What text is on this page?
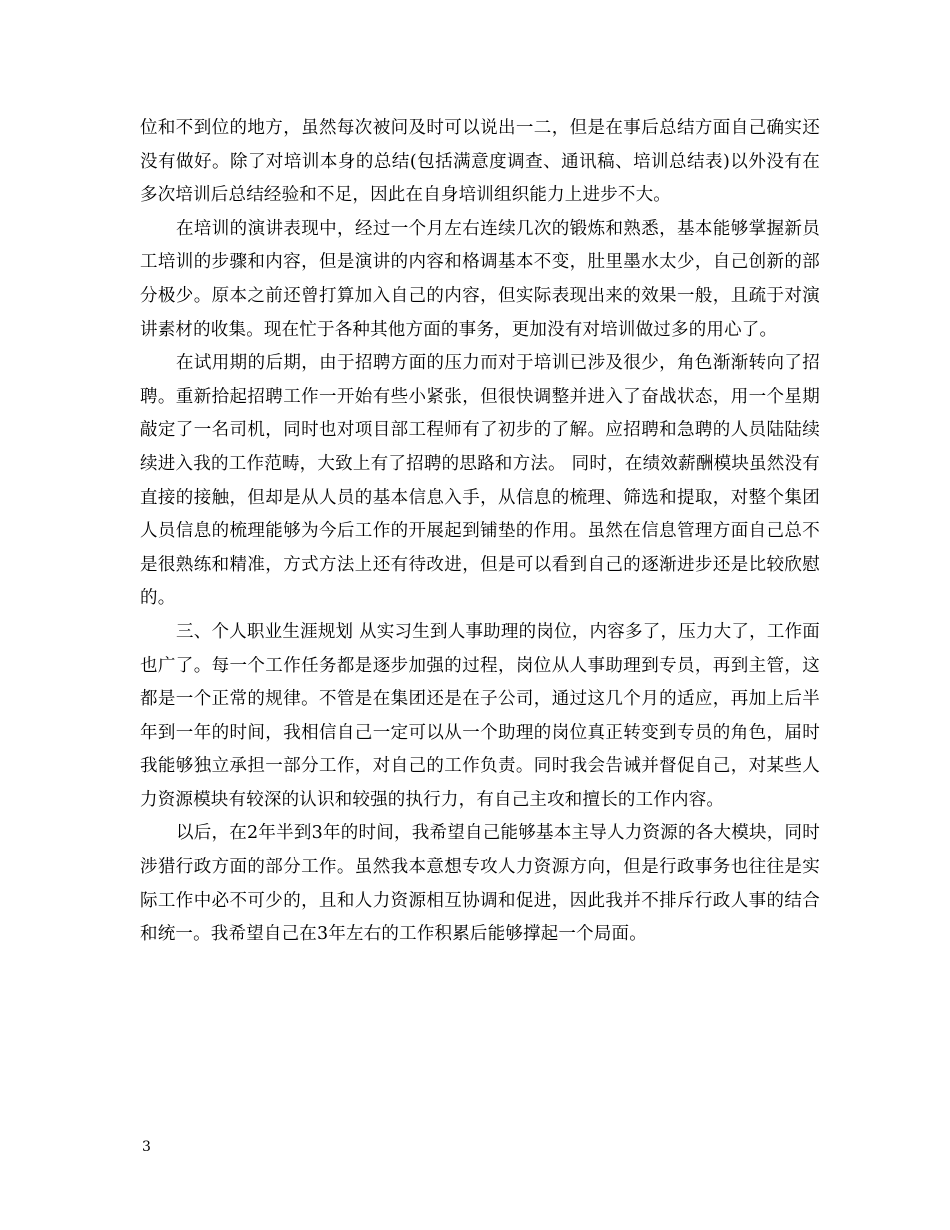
位和不到位的地方，虽然每次被问及时可以说出一二，但是在事后总结方面自己确实还没有做好。除了对培训本身的总结(包括满意度调查、通讯稿、培训总结表)以外没有在多次培训后总结经验和不足，因此在自身培训组织能力上进步不大。

在培训的演讲表现中，经过一个月左右连续几次的锻炼和熟悉，基本能够掌握新员工培训的步骤和内容，但是演讲的内容和格调基本不变，肚里墨水太少，自己创新的部分极少。原本之前还曾打算加入自己的内容，但实际表现出来的效果一般，且疏于对演讲素材的收集。现在忙于各种其他方面的事务，更加没有对培训做过多的用心了。

在试用期的后期，由于招聘方面的压力而对于培训已涉及很少，角色渐渐转向了招聘。重新拾起招聘工作一开始有些小紧张，但很快调整并进入了奋战状态，用一个星期敲定了一名司机，同时也对项目部工程师有了初步的了解。应招聘和急聘的人员陆陆续续进入我的工作范畴，大致上有了招聘的思路和方法。 同时，在绩效薪酬模块虽然没有直接的接触，但却是从人员的基本信息入手，从信息的梳理、筛选和提取，对整个集团人员信息的梳理能够为今后工作的开展起到铺垫的作用。虽然在信息管理方面自己总不是很熟练和精准，方式方法上还有待改进，但是可以看到自己的逐渐进步还是比较欣慰的。

三、个人职业生涯规划 从实习生到人事助理的岗位，内容多了，压力大了，工作面也广了。每一个工作任务都是逐步加强的过程，岗位从人事助理到专员，再到主管，这都是一个正常的规律。不管是在集团还是在子公司，通过这几个月的适应，再加上后半年到一年的时间，我相信自己一定可以从一个助理的岗位真正转变到专员的角色，届时我能够独立承担一部分工作，对自己的工作负责。同时我会告诫并督促自己，对某些人力资源模块有较深的认识和较强的执行力，有自己主攻和擅长的工作内容。

以后，在2年半到3年的时间，我希望自己能够基本主导人力资源的各大模块，同时涉猎行政方面的部分工作。虽然我本意想专攻人力资源方向，但是行政事务也往往是实际工作中必不可少的，且和人力资源相互协调和促进，因此我并不排斥行政人事的结合和统一。我希望自己在3年左右的工作积累后能够撑起一个局面。

3
